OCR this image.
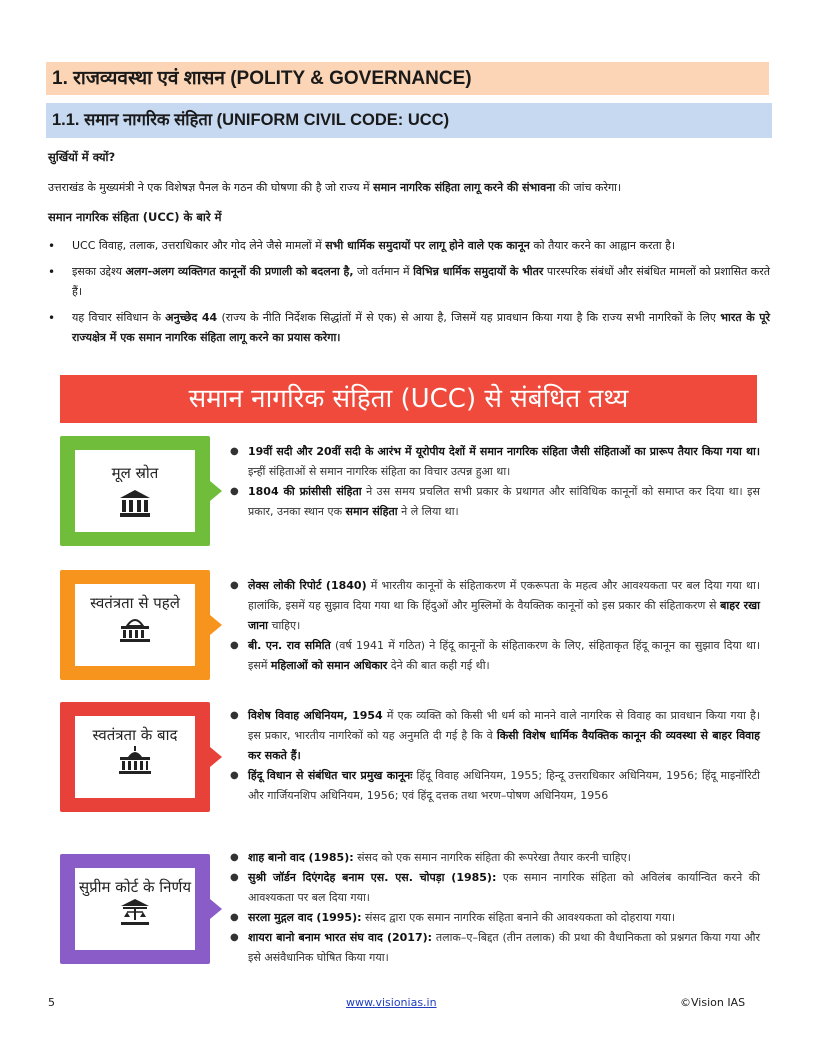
1. राजव्यवस्था एवं शासन (POLITY & GOVERNANCE)
1.1. समान नागरिक संहिता (UNIFORM CIVIL CODE: UCC)
सुर्खियों में क्यों?
उत्तराखंड के मुख्यमंत्री ने एक विशेषज्ञ पैनल के गठन की घोषणा की है जो राज्य में समान नागरिक संहिता लागू करने की संभावना की जांच करेगा।
समान नागरिक संहिता (UCC) के बारे में
• UCC विवाह, तलाक, उत्तराधिकार और गोद लेने जैसे मामलों में सभी धार्मिक समुदायों पर लागू होने वाले एक कानून को तैयार करने का आह्वान करता है।
• इसका उद्देश्य अलग-अलग व्यक्तिगत कानूनों की प्रणाली को बदलना है, जो वर्तमान में विभिन्न धार्मिक समुदायों के भीतर पारस्परिक संबंधों और संबंधित मामलों को प्रशासित करते हैं।
• यह विचार संविधान के अनुच्छेद 44 (राज्य के नीति निर्देशक सिद्धांतों में से एक) से आया है, जिसमें यह प्रावधान किया गया है कि राज्य सभी नागरिकों के लिए भारत के पूरे राज्यक्षेत्र में एक समान नागरिक संहिता लागू करने का प्रयास करेगा।
समान नागरिक संहिता (UCC) से संबंधित तथ्य
मूल स्रोत
● 19वीं सदी और 20वीं सदी के आरंभ में यूरोपीय देशों में समान नागरिक संहिता जैसी संहिताओं का प्रारूप तैयार किया गया था। इन्हीं संहिताओं से समान नागरिक संहिता का विचार उत्पन्न हुआ था।
● 1804 की फ्रांसीसी संहिता ने उस समय प्रचलित सभी प्रकार के प्रथागत और सांविधिक कानूनों को समाप्त कर दिया था। इस प्रकार, उनका स्थान एक समान संहिता ने ले लिया था।
स्वतंत्रता से पहले
● लेक्स लोकी रिपोर्ट (1840) में भारतीय कानूनों के संहिताकरण में एकरूपता के महत्व और आवश्यकता पर बल दिया गया था। हालांकि, इसमें यह सुझाव दिया गया था कि हिंदुओं और मुस्लिमों के वैयक्तिक कानूनों को इस प्रकार की संहिताकरण से बाहर रखा जाना चाहिए।
● बी. एन. राव समिति (वर्ष 1941 में गठित) ने हिंदू कानूनों के संहिताकरण के लिए, संहिताकृत हिंदू कानून का सुझाव दिया था। इसमें महिलाओं को समान अधिकार देने की बात कही गई थी।
स्वतंत्रता के बाद
● विशेष विवाह अधिनियम, 1954 में एक व्यक्ति को किसी भी धर्म को मानने वाले नागरिक से विवाह का प्रावधान किया गया है। इस प्रकार, भारतीय नागरिकों को यह अनुमति दी गई है कि वे किसी विशेष धार्मिक वैयक्तिक कानून की व्यवस्था से बाहर विवाह कर सकते हैं।
● हिंदू विधान से संबंधित चार प्रमुख कानूनः हिंदू विवाह अधिनियम, 1955; हिन्दू उत्तराधिकार अधिनियम, 1956; हिंदू माइनॉरिटी और गार्जियनशिप अधिनियम, 1956; एवं हिंदू दत्तक तथा भरण–पोषण अधिनियम, 1956
सुप्रीम कोर्ट के निर्णय
● शाह बानो वाद (1985): संसद को एक समान नागरिक संहिता की रूपरेखा तैयार करनी चाहिए।
● सुश्री जॉर्डन दिएंगदेह बनाम एस. एस. चोपड़ा (1985): एक समान नागरिक संहिता को अविलंब कार्यान्वित करने की आवश्यकता पर बल दिया गया।
● सरला मुद्गल वाद (1995): संसद द्वारा एक समान नागरिक संहिता बनाने की आवश्यकता को दोहराया गया।
● शायरा बानो बनाम भारत संघ वाद (2017): तलाक–ए–बिद्दत (तीन तलाक) की प्रथा की वैधानिकता को प्रश्नगत किया गया और इसे असंवैधानिक घोषित किया गया।
5	www.visionias.in	©Vision IAS
